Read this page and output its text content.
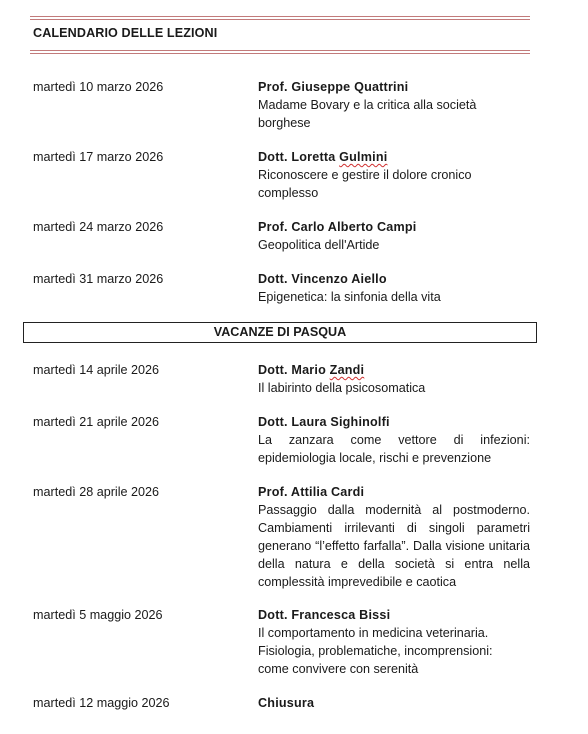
CALENDARIO DELLE LEZIONI
martedì 10 marzo 2026	Prof. Giuseppe Quattrini
Madame Bovary e la critica alla società borghese
martedì 17 marzo 2026	Dott. Loretta Gulmini
Riconoscere e gestire il dolore cronico complesso
martedì 24 marzo 2026	Prof. Carlo Alberto Campi
Geopolitica dell'Artide
martedì 31 marzo 2026	Dott. Vincenzo Aiello
Epigenetica: la sinfonia della vita
VACANZE DI PASQUA
martedì 14 aprile 2026	Dott. Mario Zandi
Il labirinto della psicosomatica
martedì 21 aprile 2026	Dott. Laura Sighinolfi
La zanzara come vettore di infezioni: epidemiologia locale, rischi e prevenzione
martedì 28 aprile 2026	Prof. Attilia Cardi
Passaggio dalla modernità al postmoderno. Cambiamenti irrilevanti di singoli parametri generano “l’effetto farfalla”. Dalla visione unitaria della natura e della società si entra nella complessità imprevedibile e caotica
martedì 5 maggio 2026	Dott. Francesca Bissi
Il comportamento in medicina veterinaria.
Fisiologia, problematiche, incomprensioni:
come convivere con serenità
martedì 12 maggio 2026	Chiusura
